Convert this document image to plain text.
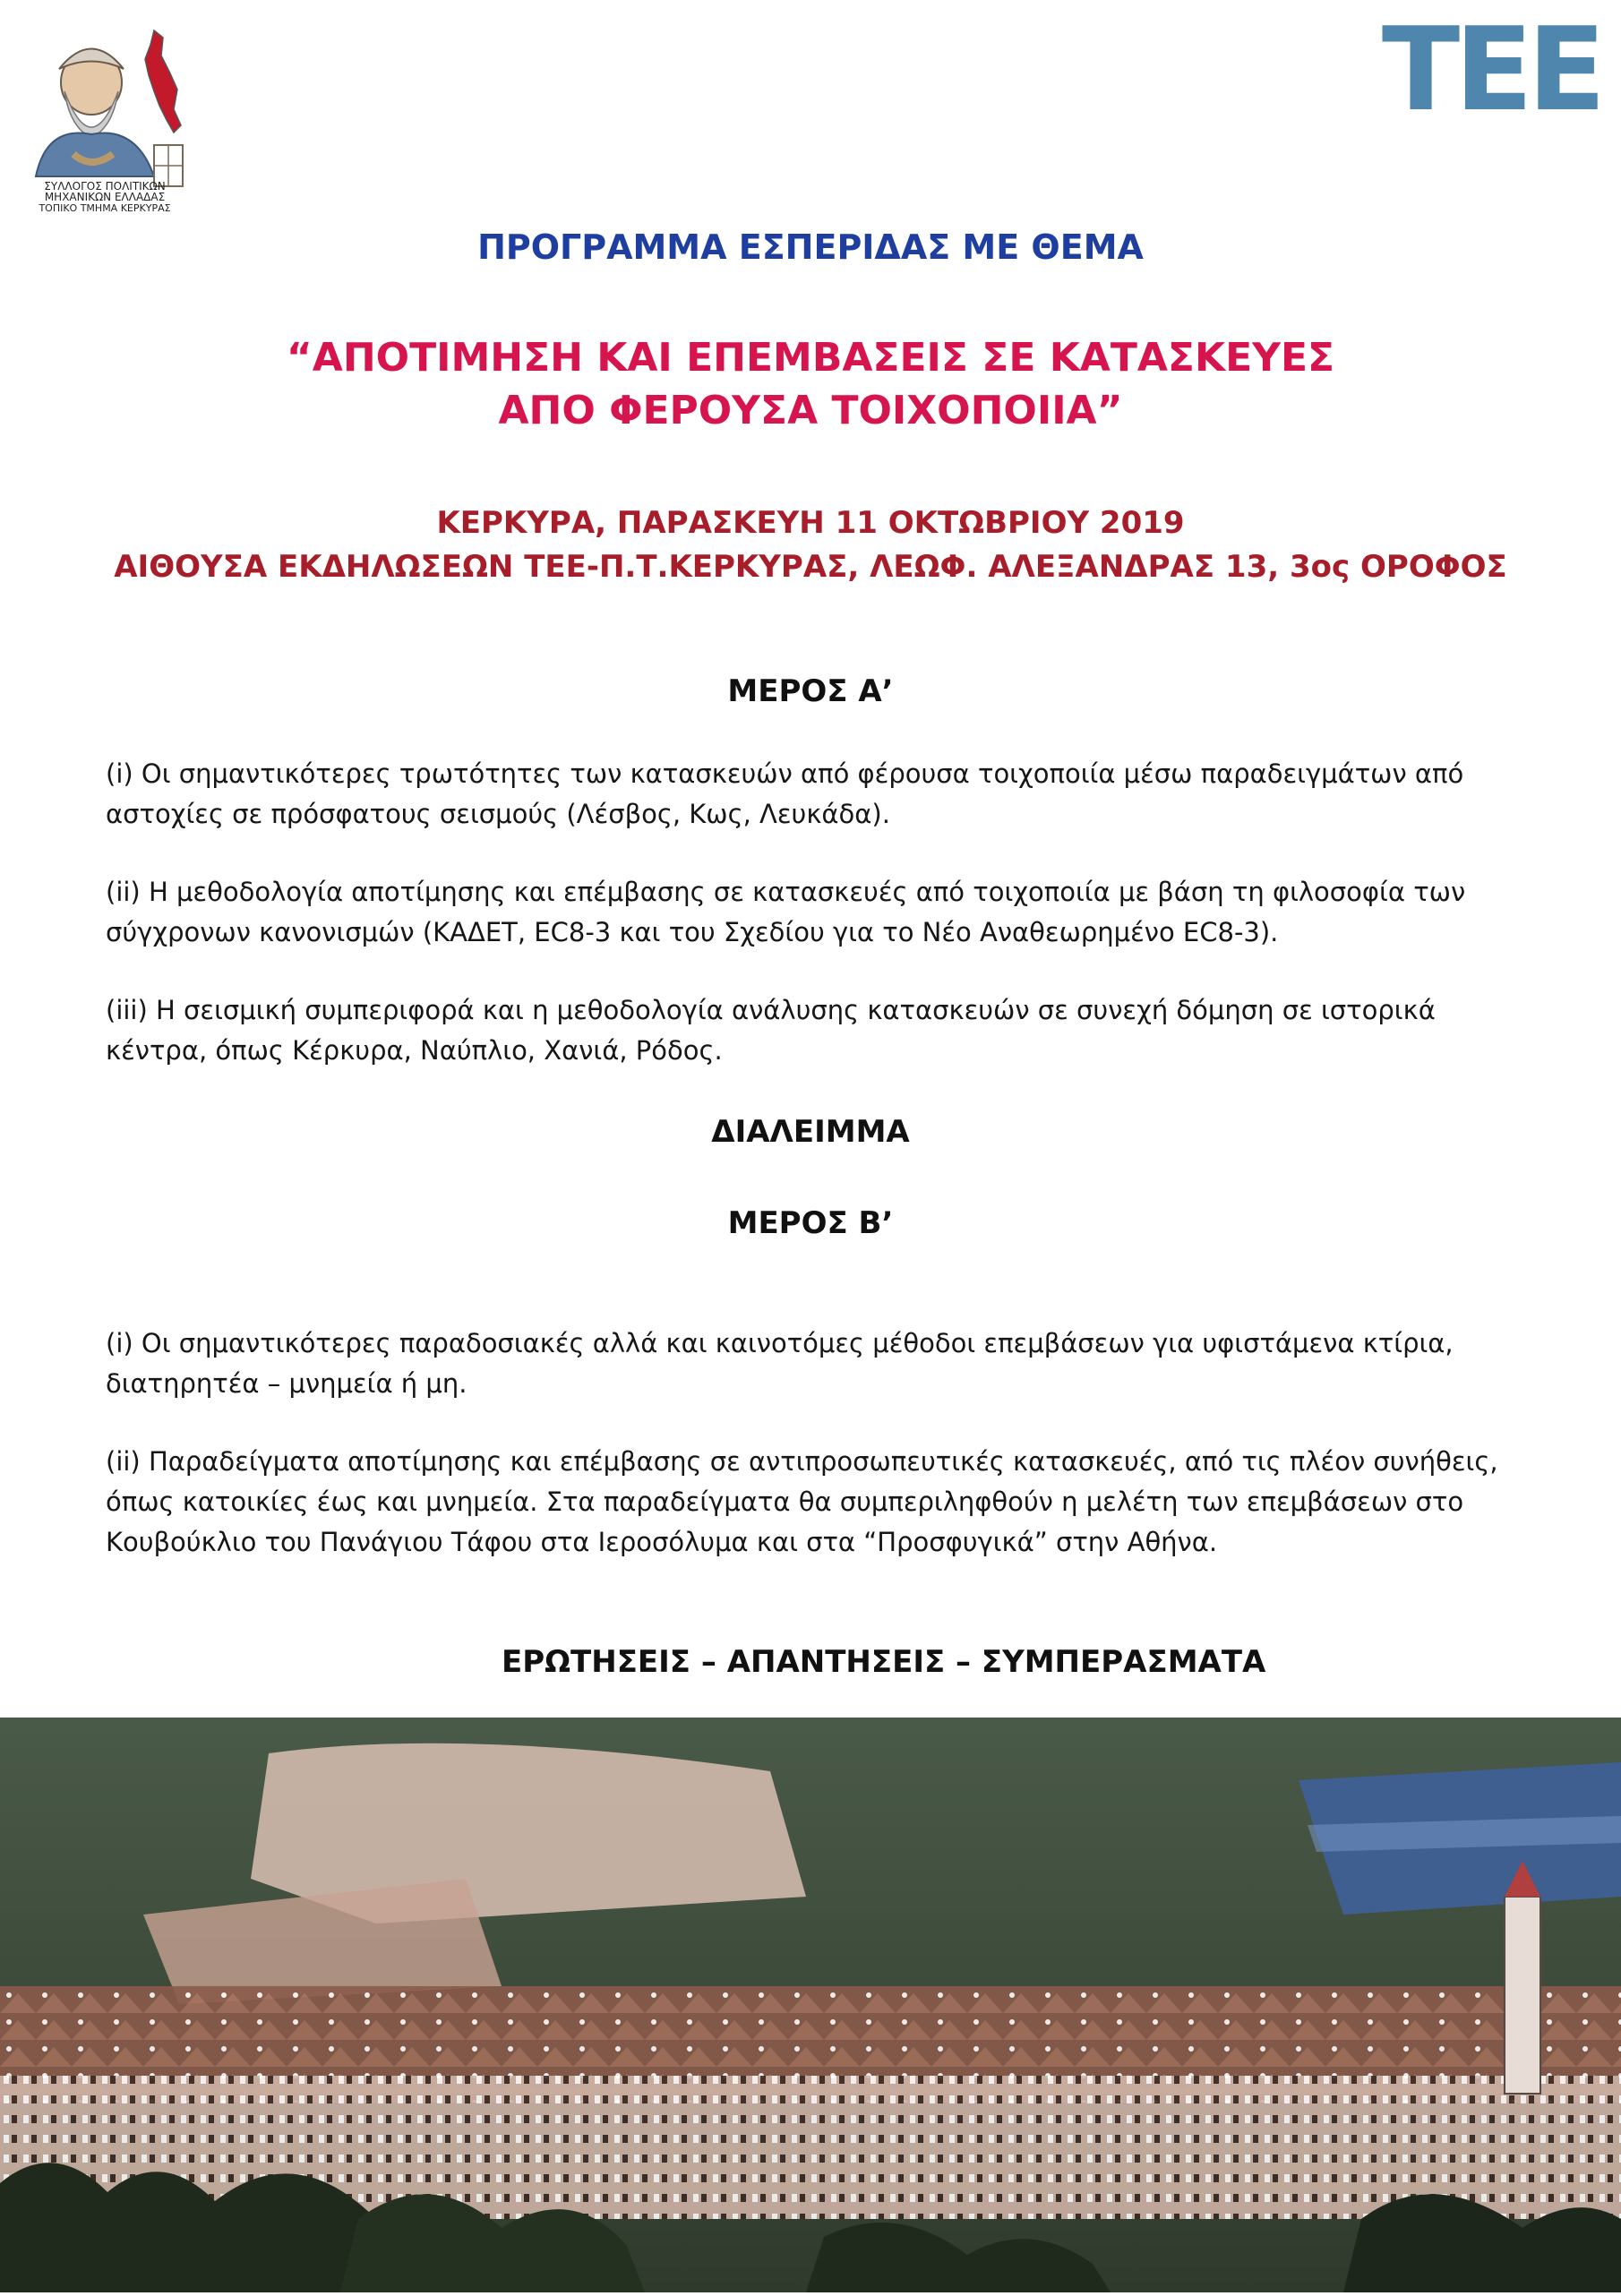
ΣΥΛΛΟΓΟΣ ΠΟΛΙΤΙΚΩΝ
ΜΗΧΑΝΙΚΩΝ ΕΛΛΑΔΑΣ
ΤΟΠΙΚΟ ΤΜΗΜΑ ΚΕΡΚΥΡΑΣ
ΤΕΕ
ΠΡΟΓΡΑΜΜΑ ΕΣΠΕΡΙΔΑΣ ΜΕ ΘΕΜΑ
“ΑΠΟΤΙΜΗΣΗ ΚΑΙ ΕΠΕΜΒΑΣΕΙΣ ΣΕ ΚΑΤΑΣΚΕΥΕΣ
ΑΠΟ ΦΕΡΟΥΣΑ ΤΟΙΧΟΠΟΙΙΑ”
ΚΕΡΚΥΡΑ, ΠΑΡΑΣΚΕΥΗ 11 ΟΚΤΩΒΡΙΟΥ 2019
ΑΙΘΟΥΣΑ ΕΚΔΗΛΩΣΕΩΝ ΤΕΕ-Π.Τ.ΚΕΡΚΥΡΑΣ, ΛΕΩΦ. ΑΛΕΞΑΝΔΡΑΣ 13, 3ος ΟΡΟΦΟΣ
ΜΕΡΟΣ Α’
(i) Οι σημαντικότερες τρωτότητες των κατασκευών από φέρουσα τοιχοποιία μέσω παραδειγμάτων από αστοχίες σε πρόσφατους σεισμούς (Λέσβος, Κως, Λευκάδα).
(ii) Η μεθοδολογία αποτίμησης και επέμβασης σε κατασκευές από τοιχοποιία με βάση τη φιλοσοφία των σύγχρονων κανονισμών (ΚΑΔΕΤ, EC8-3 και του Σχεδίου για το Νέο Αναθεωρημένο EC8-3).
(iii) Η σεισμική συμπεριφορά και η μεθοδολογία ανάλυσης κατασκευών σε συνεχή δόμηση σε ιστορικά κέντρα, όπως Κέρκυρα, Ναύπλιο, Χανιά, Ρόδος.
ΔΙΑΛΕΙΜΜΑ
ΜΕΡΟΣ Β’
(i) Οι σημαντικότερες παραδοσιακές αλλά και καινοτόμες μέθοδοι επεμβάσεων για υφιστάμενα κτίρια, διατηρητέα – μνημεία ή μη.
(ii) Παραδείγματα αποτίμησης και επέμβασης σε αντιπροσωπευτικές κατασκευές, από τις πλέον συνήθεις, όπως κατοικίες έως και μνημεία. Στα παραδείγματα θα συμπεριληφθούν η μελέτη των επεμβάσεων στο Κουβούκλιο του Πανάγιου Τάφου στα Ιεροσόλυμα και στα “Προσφυγικά” στην Αθήνα.
ΕΡΩΤΗΣΕΙΣ – ΑΠΑΝΤΗΣΕΙΣ – ΣΥΜΠΕΡΑΣΜΑΤΑ
